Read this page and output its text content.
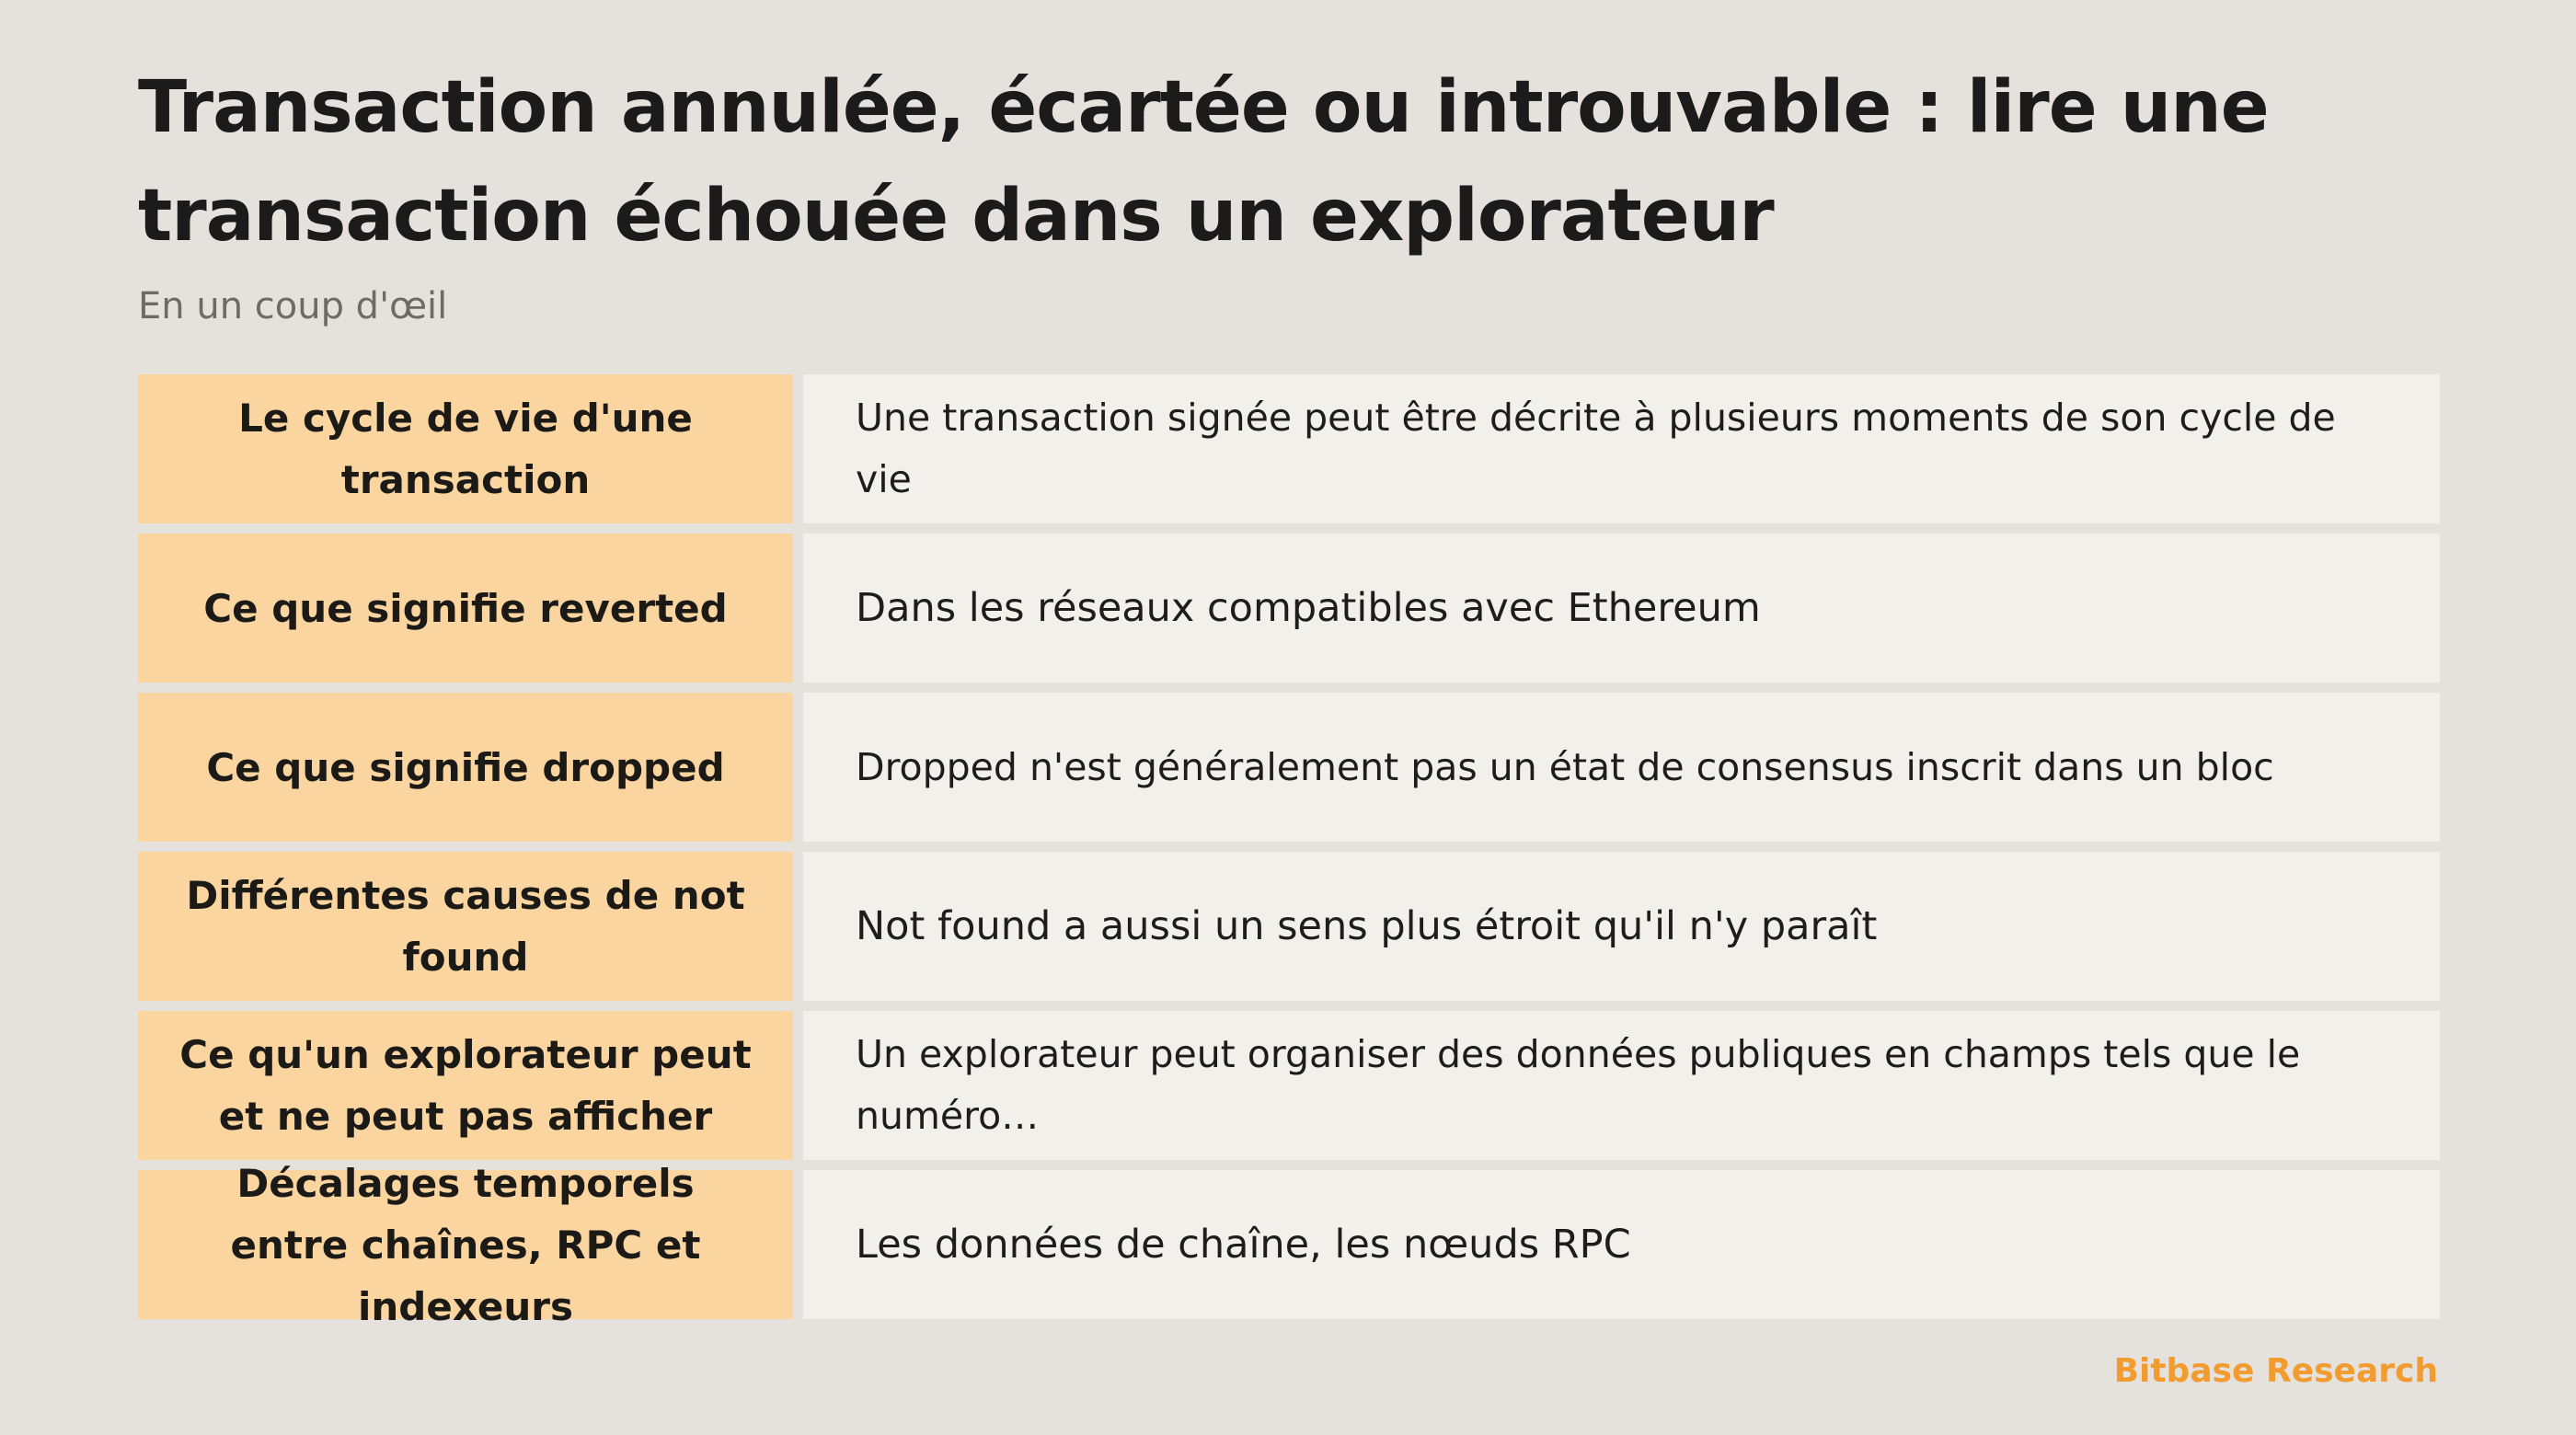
Transaction annulée, écartée ou introuvable : lire une transaction échouée dans un explorateur

En un coup d'œil

Le cycle de vie d'une transaction
Une transaction signée peut être décrite à plusieurs moments de son cycle de vie
Ce que signifie reverted	Dans les réseaux compatibles avec Ethereum
Ce que signifie dropped	Dropped n'est généralement pas un état de consensus inscrit dans un bloc
Différentes causes de not found
Not found a aussi un sens plus étroit qu'il n'y paraît
Ce qu'un explorateur peut et ne peut pas afficher
Un explorateur peut organiser des données publiques en champs tels que le numéro…
Décalages temporels entre chaînes, RPC et indexeurs
Les données de chaîne, les nœuds RPC
Bitbase Research
